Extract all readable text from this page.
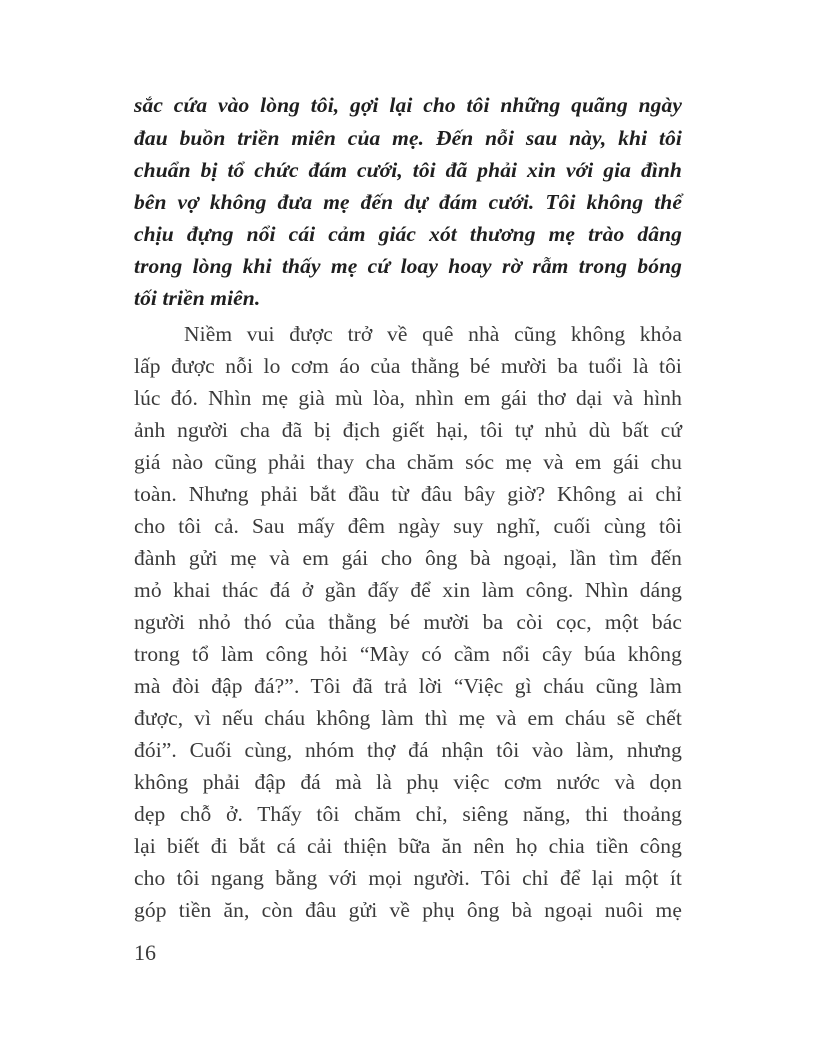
sắc cứa vào lòng tôi, gợi lại cho tôi những quãng ngày
đau buồn triền miên của mẹ. Đến nỗi sau này, khi tôi
chuẩn bị tổ chức đám cưới, tôi đã phải xin với gia đình
bên vợ không đưa mẹ đến dự đám cưới. Tôi không thể
chịu đựng nổi cái cảm giác xót thương mẹ trào dâng
trong lòng khi thấy mẹ cứ loay hoay rờ rẫm trong bóng
tối triền miên.
Niềm vui được trở về quê nhà cũng không khỏa
lấp được nỗi lo cơm áo của thằng bé mười ba tuổi là tôi
lúc đó. Nhìn mẹ già mù lòa, nhìn em gái thơ dại và hình
ảnh người cha đã bị địch giết hại, tôi tự nhủ dù bất cứ
giá nào cũng phải thay cha chăm sóc mẹ và em gái chu
toàn. Nhưng phải bắt đầu từ đâu bây giờ? Không ai chỉ
cho tôi cả. Sau mấy đêm ngày suy nghĩ, cuối cùng tôi
đành gửi mẹ và em gái cho ông bà ngoại, lần tìm đến
mỏ khai thác đá ở gần đấy để xin làm công. Nhìn dáng
người nhỏ thó của thằng bé mười ba còi cọc, một bác
trong tổ làm công hỏi “Mày có cầm nổi cây búa không
mà đòi đập đá?”. Tôi đã trả lời “Việc gì cháu cũng làm
được, vì nếu cháu không làm thì mẹ và em cháu sẽ chết
đói”. Cuối cùng, nhóm thợ đá nhận tôi vào làm, nhưng
không phải đập đá mà là phụ việc cơm nước và dọn
dẹp chỗ ở. Thấy tôi chăm chỉ, siêng năng, thi thoảng
lại biết đi bắt cá cải thiện bữa ăn nên họ chia tiền công
cho tôi ngang bằng với mọi người. Tôi chỉ để lại một ít
góp tiền ăn, còn đâu gửi về phụ ông bà ngoại nuôi mẹ
16
